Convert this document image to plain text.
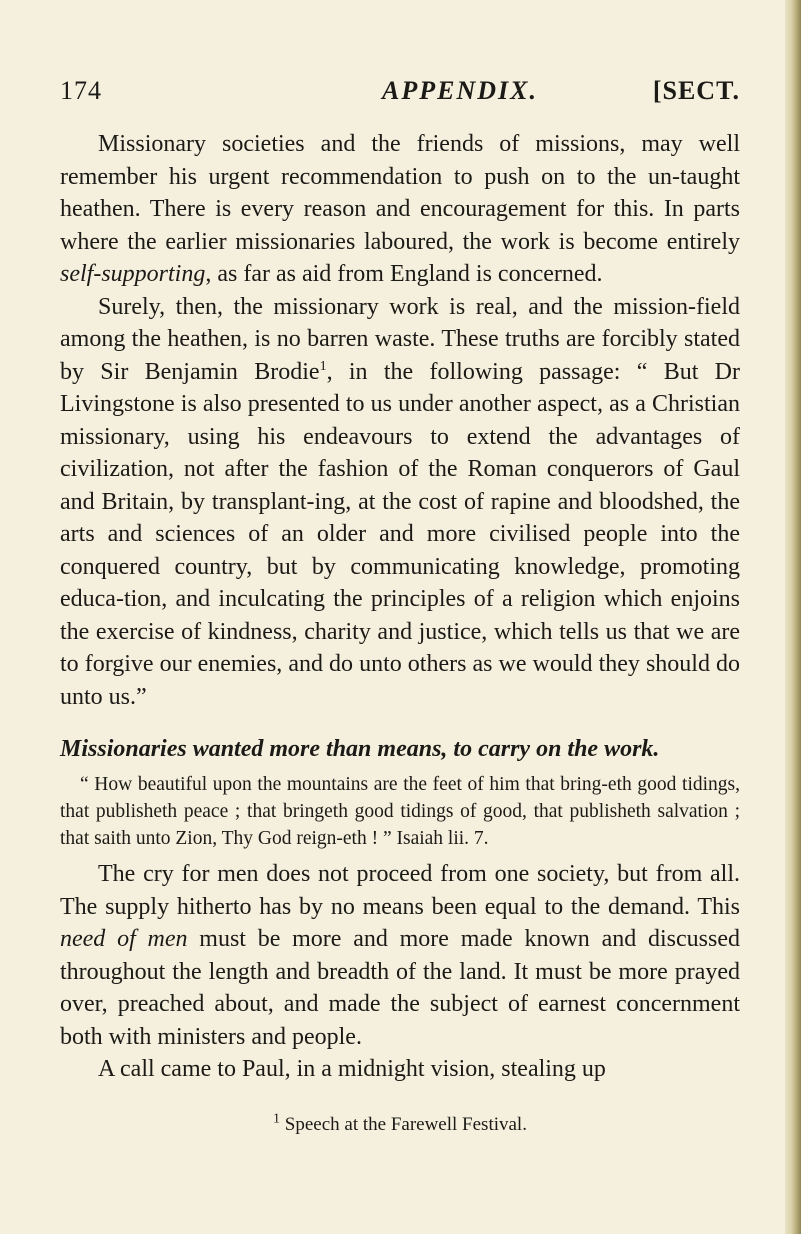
174	APPENDIX.	[SECT.

Missionary societies and the friends of missions, may well remember his urgent recommendation to push on to the un-taught heathen. There is every reason and encouragement for this. In parts where the earlier missionaries laboured, the work is become entirely self-supporting, as far as aid from England is concerned.

Surely, then, the missionary work is real, and the mission-field among the heathen, is no barren waste. These truths are forcibly stated by Sir Benjamin Brodie$^1$, in the following passage: “ But Dr Livingstone is also presented to us under another aspect, as a Christian missionary, using his endeavours to extend the advantages of civilization, not after the fashion of the Roman conquerors of Gaul and Britain, by transplant-ing, at the cost of rapine and bloodshed, the arts and sciences of an older and more civilised people into the conquered country, but by communicating knowledge, promoting educa-tion, and inculcating the principles of a religion which enjoins the exercise of kindness, charity and justice, which tells us that we are to forgive our enemies, and do unto others as we would they should do unto us.”

Missionaries wanted more than means, to carry on the work.
“ How beautiful upon the mountains are the feet of him that bring-eth good tidings, that publisheth peace ; that bringeth good tidings of good, that publisheth salvation ; that saith unto Zion, Thy God reign-eth ! ” Isaiah lii. 7.

The cry for men does not proceed from one society, but from all. The supply hitherto has by no means been equal to the demand. This need of men must be more and more made known and discussed throughout the length and breadth of the land. It must be more prayed over, preached about, and made the subject of earnest concernment both with ministers and people.

A call came to Paul, in a midnight vision, stealing up

$^1$ Speech at the Farewell Festival.
